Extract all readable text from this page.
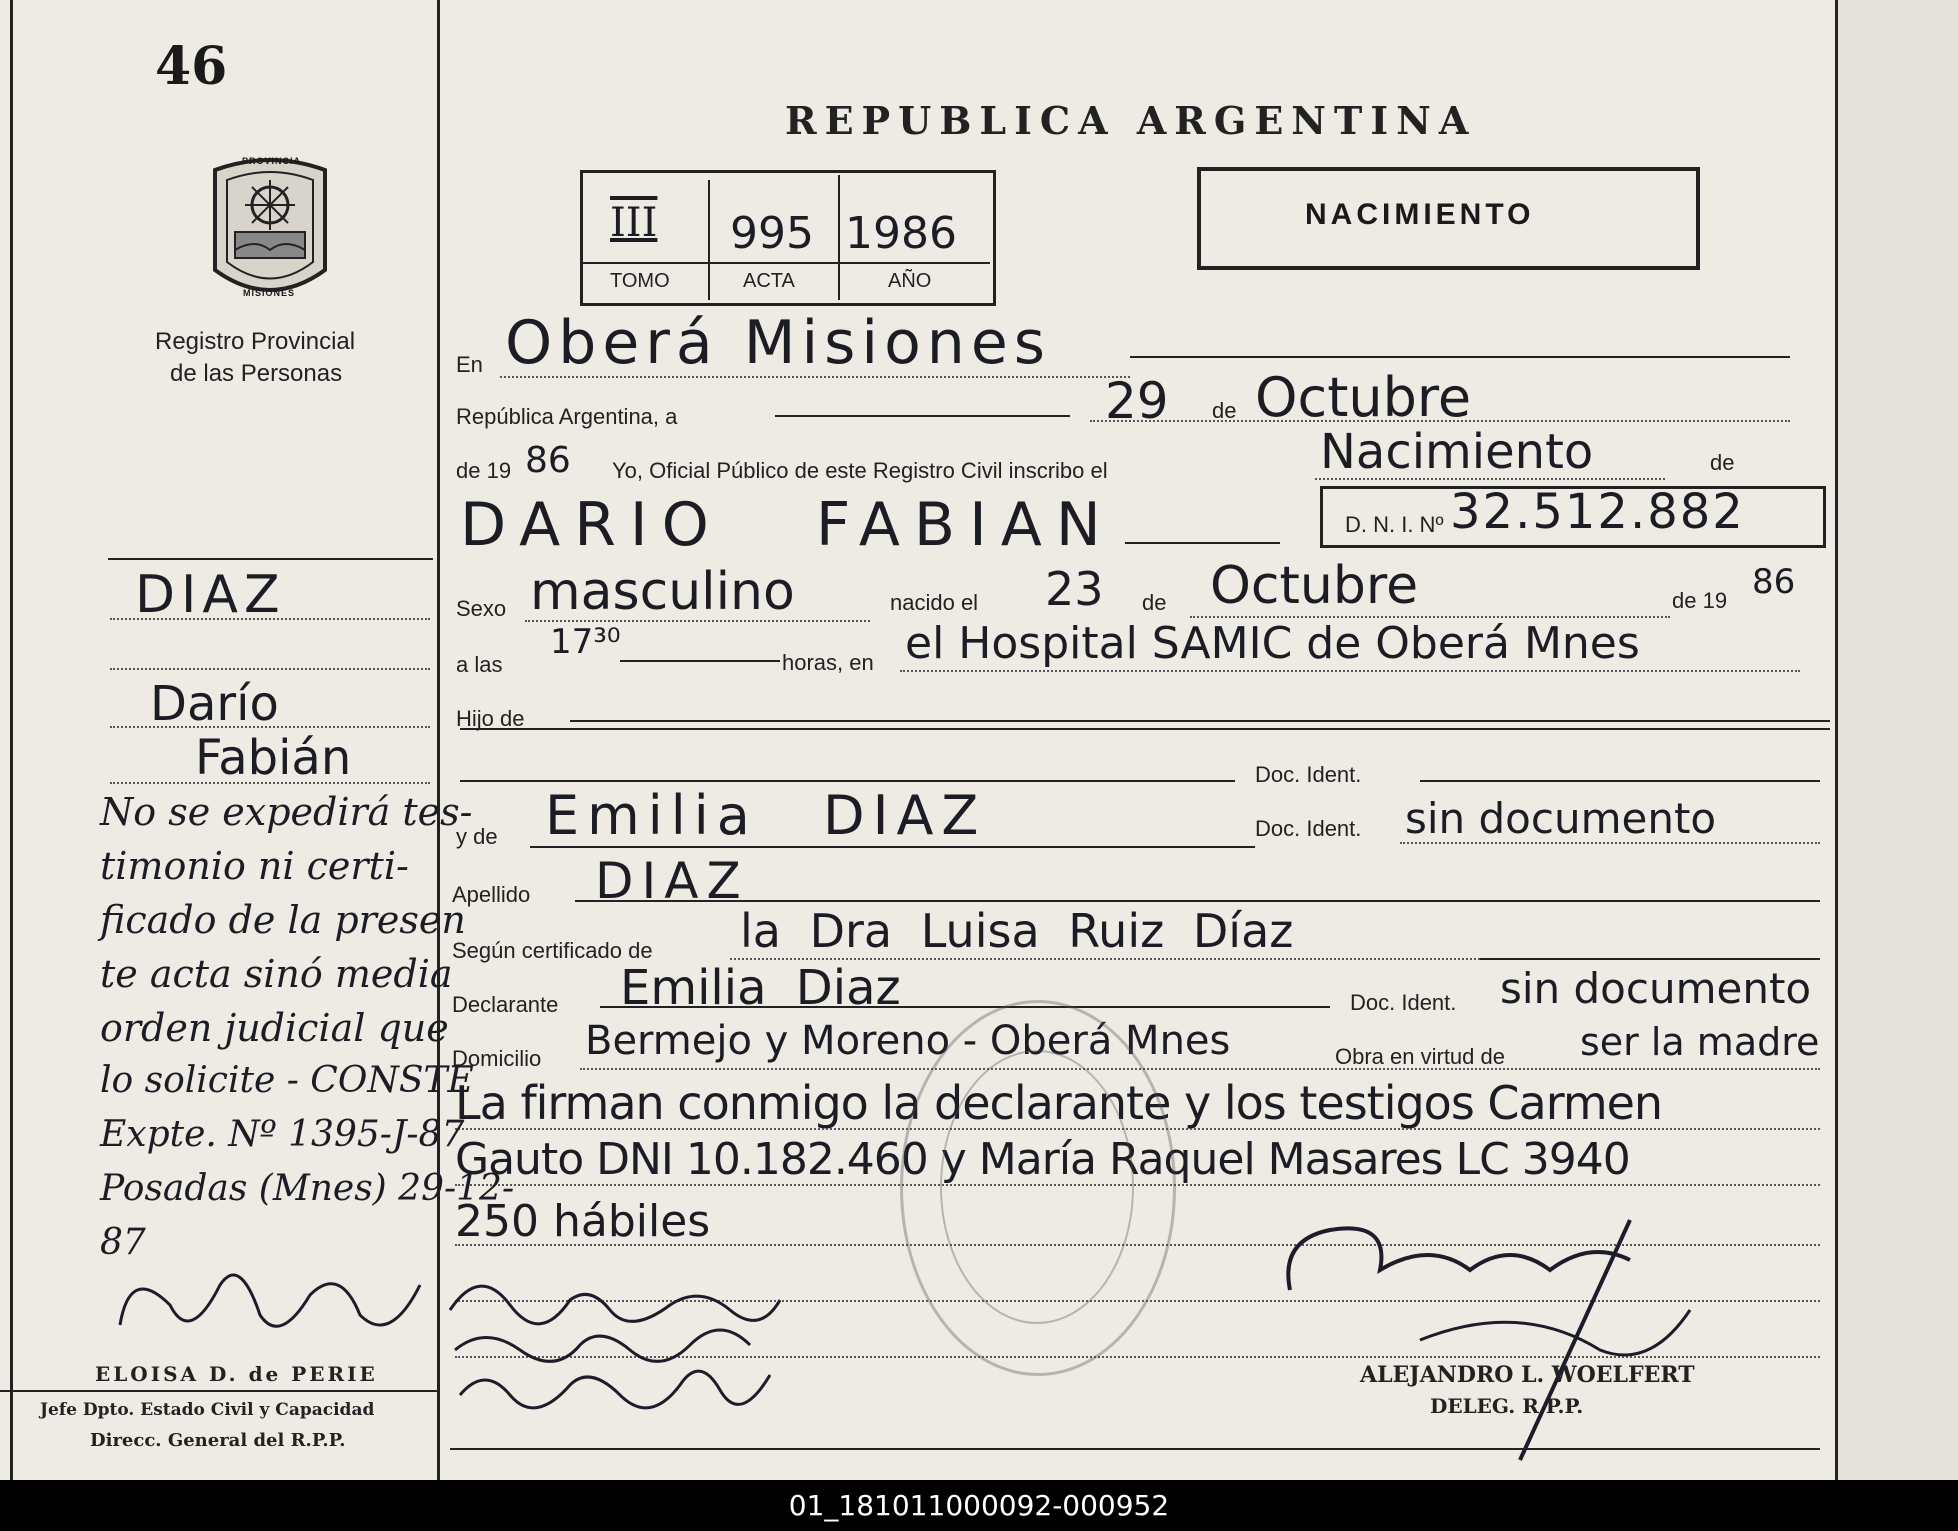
46
PROVINCIA
MISIONES
Registro Provincial
de las Personas
REPUBLICA ARGENTINA
III 995 1986
TOMO	ACTA	AÑO
NACIMIENTO
En Oberá Misiones
República Argentina, a	29 de Octubre
de 19 86 Yo, Oficial Público de este Registro Civil inscribo el	Nacimiento	de
DARIO FABIAN	D. N. I. Nº 32.512.882
Sexo masculino	nacido el 23 de Octubre	de 19 86
a las
17³⁰
horas, en el Hospital SAMIC de Oberá Mnes
Hijo de
Doc. Ident.
y de Emilia DIAZ	Doc. Ident. sin documento
Apellido DIAZ
Según certificado de la Dra Luisa Ruiz Díaz
Declarante Emilia Diaz	Doc. Ident. sin documento
Domicilio Bermejo y Moreno - Oberá Mnes	Obra en virtud de ser la madre
La firman conmigo la declarante y los testigos Carmen
Gauto DNI 10.182.460 y María Raquel Masares LC 3940
250 hábiles
ALEJANDRO L. WOELFERT
DELEG. R.P.P.
DIAZ
Darío
Fabián
No se expedirá tes-
timonio ni certi-
ficado de la presen
te acta sinó media
orden judicial que
lo solicite - CONSTE
Expte. Nº 1395-J-87
Posadas (Mnes) 29-12-
87
ELOISA D. de PERIE
Jefe Dpto. Estado Civil y Capacidad
Direcc. General del R.P.P.
01_181011000092-000952
